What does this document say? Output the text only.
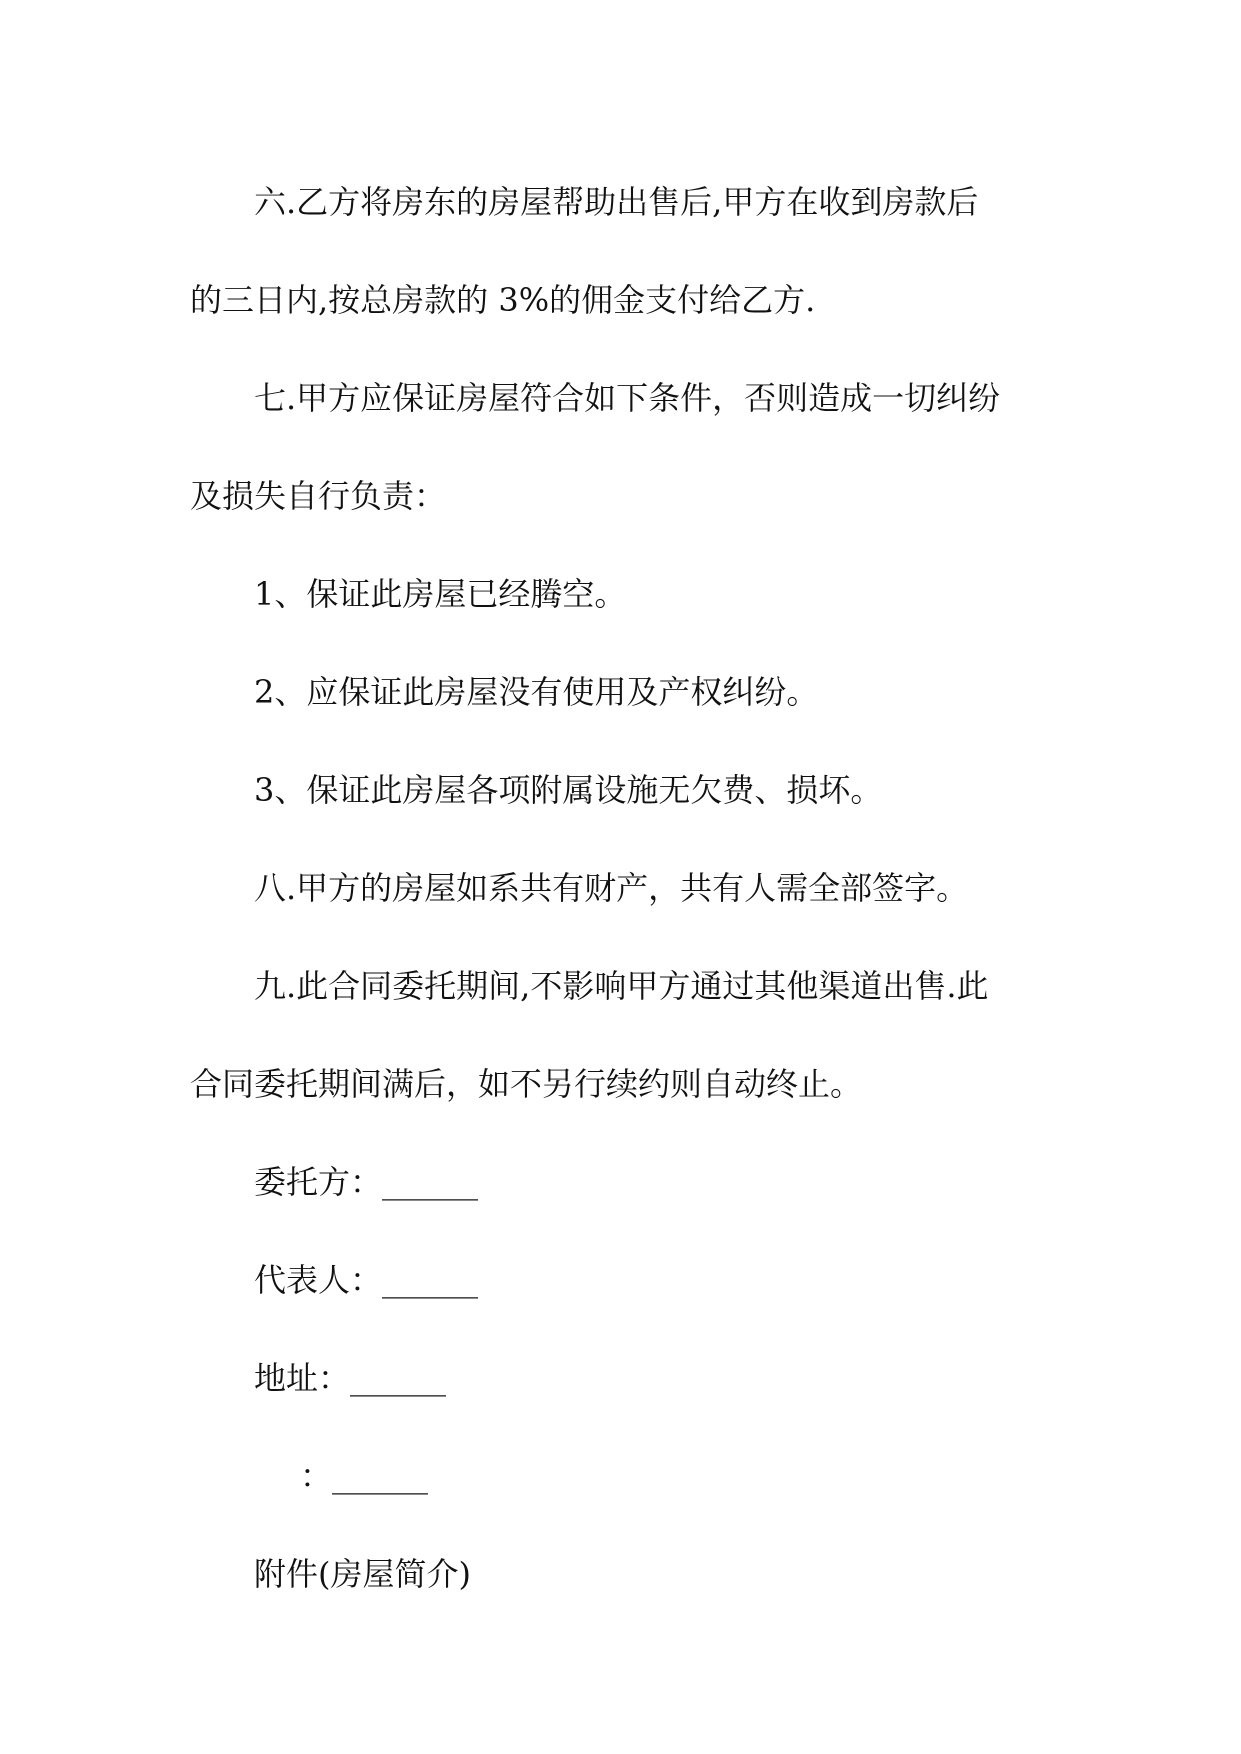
六.乙方将房东的房屋帮助出售后,甲方在收到房款后
的三日内,按总房款的 3%的佣金支付给乙方.
七.甲方应保证房屋符合如下条件，否则造成一切纠纷
及损失自行负责：
1、保证此房屋已经腾空。
2、应保证此房屋没有使用及产权纠纷。
3、保证此房屋各项附属设施无欠费、损坏。
八.甲方的房屋如系共有财产，共有人需全部签字。
九.此合同委托期间,不影响甲方通过其他渠道出售.此
合同委托期间满后，如不另行续约则自动终止。
委托方：______
代表人：______
地址：______
：______
附件(房屋简介)
